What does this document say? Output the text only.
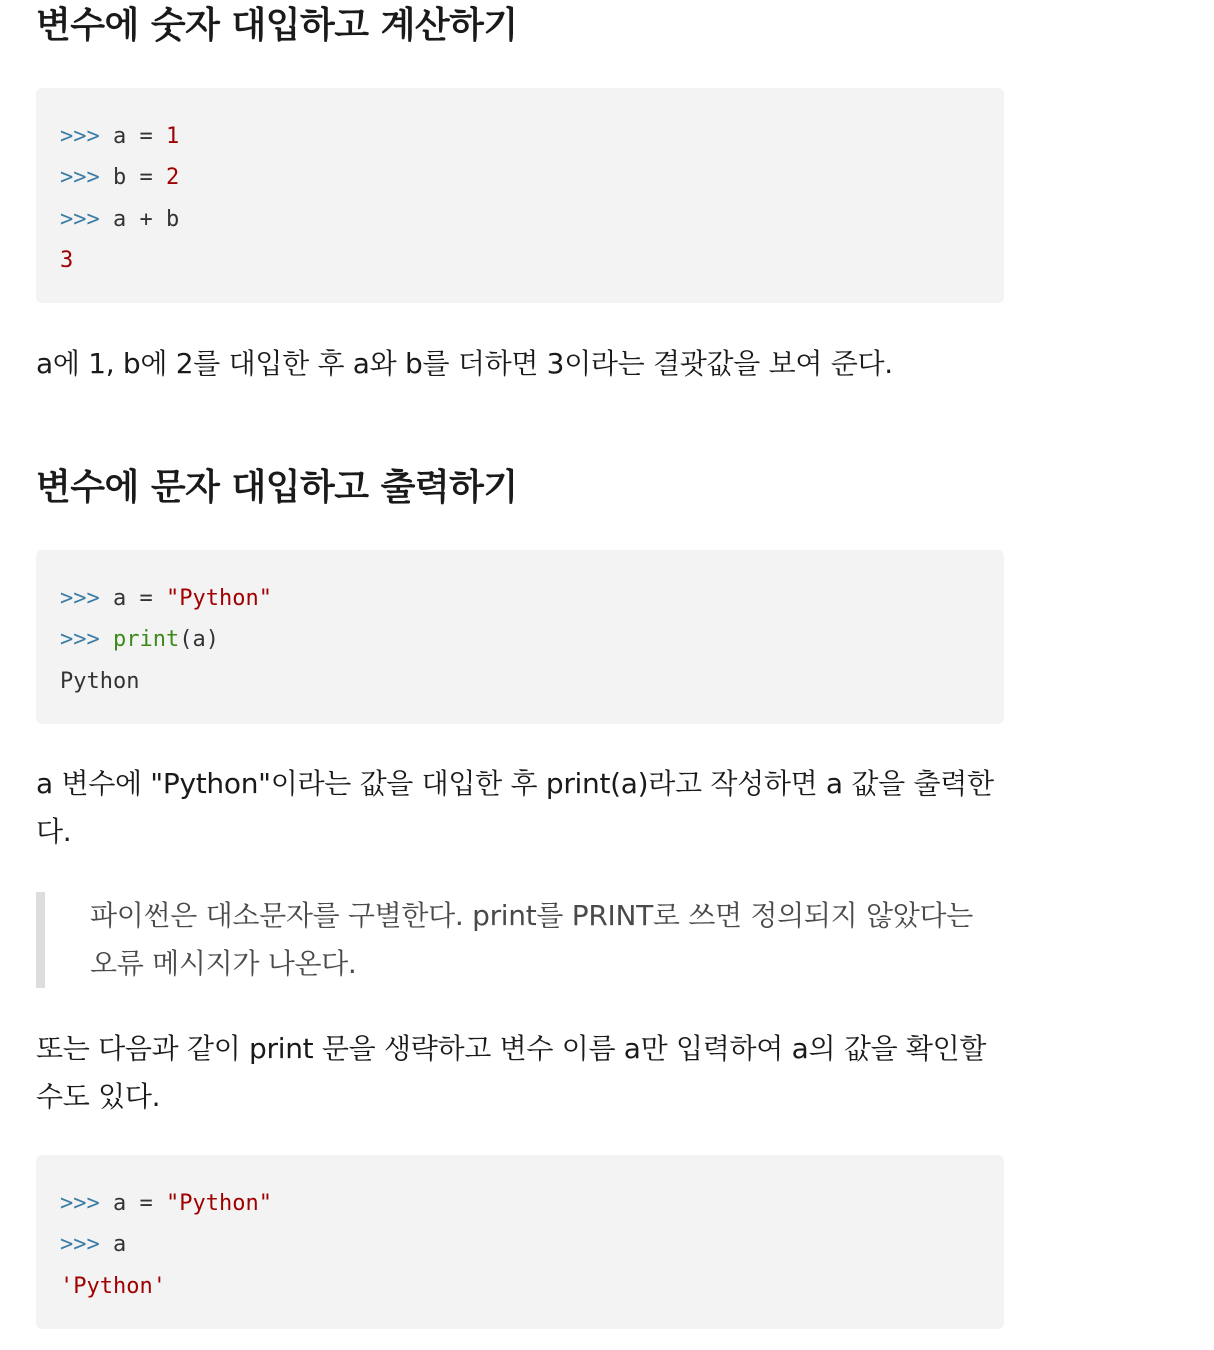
변수에 숫자 대입하고 계산하기
>>> a = 1
>>> b = 2
>>> a + b
3

a에 1, b에 2를 대입한 후 a와 b를 더하면 3이라는 결괏값을 보여 준다.

변수에 문자 대입하고 출력하기
>>> a = "Python"
>>> print(a)
Python

a 변수에 "Python"이라는 값을 대입한 후 print(a)라고 작성하면 a 값을 출력한다.

파이썬은 대소문자를 구별한다. print를 PRINT로 쓰면 정의되지 않았다는 오류 메시지가 나온다.

또는 다음과 같이 print 문을 생략하고 변수 이름 a만 입력하여 a의 값을 확인할 수도 있다.

>>> a = "Python"
>>> a
'Python'
